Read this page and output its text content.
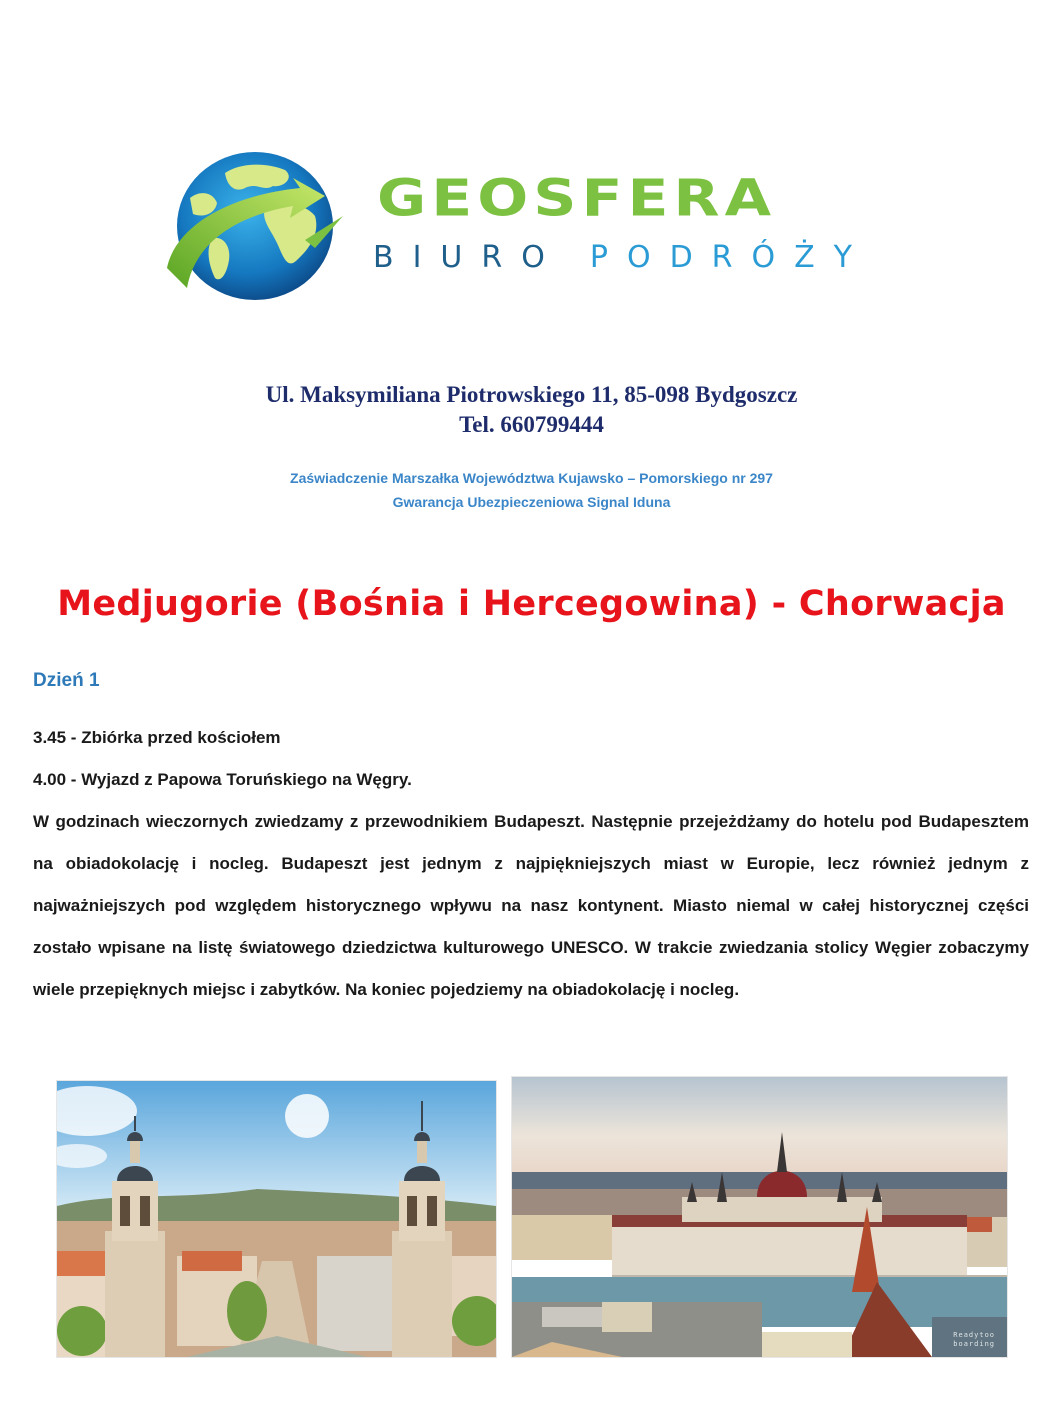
GEOSFERA
BIURO PODRÓŻY
Ul. Maksymiliana Piotrowskiego 11, 85-098 Bydgoszcz
Tel. 660799444
Zaświadczenie Marszałka Województwa Kujawsko – Pomorskiego nr 297
Gwarancja Ubezpieczeniowa Signal Iduna
Medjugorie (Bośnia i Hercegowina) - Chorwacja
Dzień 1

3.45 - Zbiórka przed kościołem

4.00 - Wyjazd z Papowa Toruńskiego na Węgry.

W godzinach wieczornych zwiedzamy z przewodnikiem Budapeszt. Następnie przejeżdżamy do hotelu pod Budapesztem na obiadokolację i nocleg. Budapeszt jest jednym z najpiękniejszych miast w Europie, lecz również jednym z najważniejszych pod względem historycznego wpływu na nasz kontynent. Miasto niemal w całej historycznej części zostało wpisane na listę światowego dziedzictwa kulturowego UNESCO. W trakcie zwiedzania stolicy Węgier zobaczymy wiele przepięknych miejsc i zabytków. Na koniec pojedziemy na obiadokolację i nocleg.

Readytoo
boarding
